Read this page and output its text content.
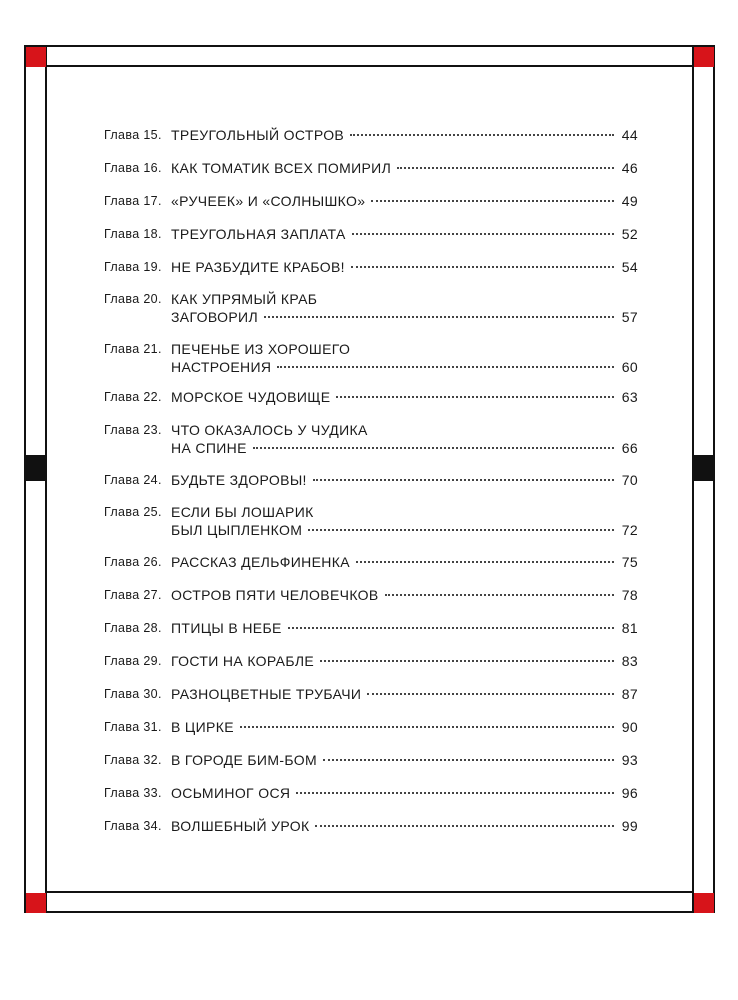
Глава 15. ТРЕУГОЛЬНЫЙ ОСТРОВ	44
Глава 16. КАК ТОМАТИК ВСЕХ ПОМИРИЛ	46
Глава 17. «РУЧЕЕК» И «СОЛНЫШКО»	49
Глава 18. ТРЕУГОЛЬНАЯ ЗАПЛАТА	52
Глава 19. НЕ РАЗБУДИТЕ КРАБОВ!	54
Глава 20. КАК УПРЯМЫЙ КРАБ
ЗАГОВОРИЛ	57
Глава 21. ПЕЧЕНЬЕ ИЗ ХОРОШЕГО
НАСТРОЕНИЯ	60
Глава 22. МОРСКОЕ ЧУДОВИЩЕ	63
Глава 23. ЧТО ОКАЗАЛОСЬ У ЧУДИКА
НА СПИНЕ	66
Глава 24. БУДЬТЕ ЗДОРОВЫ!	70
Глава 25. ЕСЛИ БЫ ЛОШАРИК
БЫЛ ЦЫПЛЕНКОМ	72
Глава 26. РАССКАЗ ДЕЛЬФИНЕНКА	75
Глава 27. ОСТРОВ ПЯТИ ЧЕЛОВЕЧКОВ	78
Глава 28. ПТИЦЫ В НЕБЕ	81
Глава 29. ГОСТИ НА КОРАБЛЕ	83
Глава 30. РАЗНОЦВЕТНЫЕ ТРУБАЧИ	87
Глава 31. В ЦИРКЕ	90
Глава 32. В ГОРОДЕ БИМ-БОМ	93
Глава 33. ОСЬМИНОГ ОСЯ	96
Глава 34. ВОЛШЕБНЫЙ УРОК	99
